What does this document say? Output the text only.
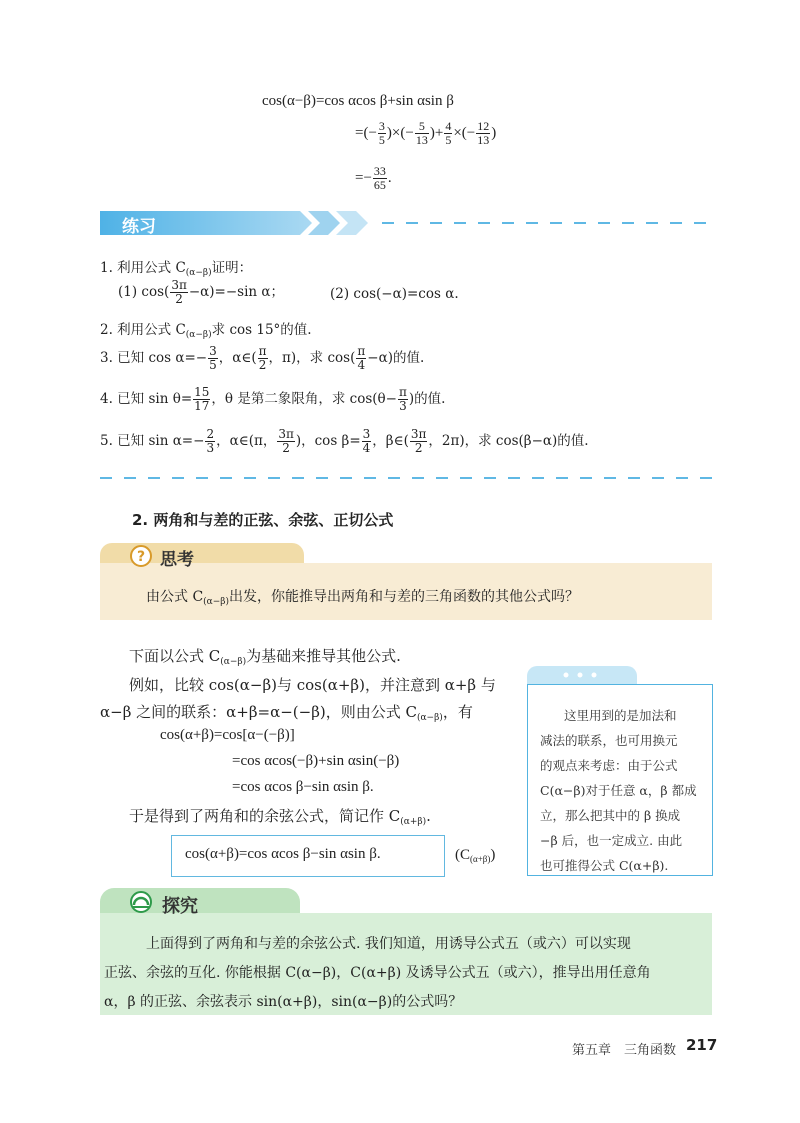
cos(α−β)=cos αcos β+sin αsin β
=(− $\frac{3}{5}$ )×(− $\frac{5}{13}$ )+ $\frac{4}{5}$ ×(− $\frac{12}{13}$ )
=− $\frac{33}{65}$ .
练习
1. 利用公式 $C_{(\alpha-\beta)}$证明：
(1) $\cos( \frac{3\pi}{2} -\alpha)=-\sin$ α；	(2) cos(−α)=cos α.
2. 利用公式 $C_{(\alpha-\beta)}$求 cos 15°的值.
3. 已知 $\cos \alpha=- \frac{3}{5}$ ，α∈( $\frac{\pi}{2}$ ，π)，求 $\cos( \frac{\pi}{4} -\alpha)$的值.
4. 已知 $\sin \theta= \frac{15}{17}$ ，θ 是第二象限角，求 $\cos(\theta- \frac{\pi}{3}$ )的值.
5. 已知 $\sin \alpha=- \frac{2}{3}$ ，α∈(π， $\frac{3\pi}{2}$ )，$\cos \beta= \frac{3}{4}$ ，β∈( $\frac{3\pi}{2}$ ，2π)，求 cos(β−α)的值.
2. 两角和与差的正弦、余弦、正切公式
? 思考
由公式 $C_{(\alpha-\beta)}$出发，你能推导出两角和与差的三角函数的其他公式吗？
下面以公式 $C_{(\alpha-\beta)}$为基础来推导其他公式.
例如，比较 cos(α−β)与 cos(α+β)，并注意到 α+β 与
α−β 之间的联系：α+β=α−(−β)，则由公式 $C_{(\alpha-\beta)}$，有
cos(α+β)=cos[α−(−β)]
=cos αcos(−β)+sin αsin(−β)
=cos αcos β−sin αsin β.
于是得到了两角和的余弦公式，简记作 $C_{(\alpha+\beta)}$.
cos(α+β)=cos αcos β−sin αsin β.	$(C_{(\alpha+\beta)})$
这里用到的是加法和
减法的联系，也可用换元
的观点来考虑：由于公式
C(α−β)对于任意 α，β 都成
立，那么把其中的 β 换成
−β 后，也一定成立. 由此
也可推得公式 C(α+β).
探究
上面得到了两角和与差的余弦公式. 我们知道，用诱导公式五（或六）可以实现
正弦、余弦的互化. 你能根据 C(α−β)，C(α+β) 及诱导公式五（或六），推导出用任意角
α，β 的正弦、余弦表示 sin(α+β)，sin(α−β)的公式吗？
第五章　三角函数 217
